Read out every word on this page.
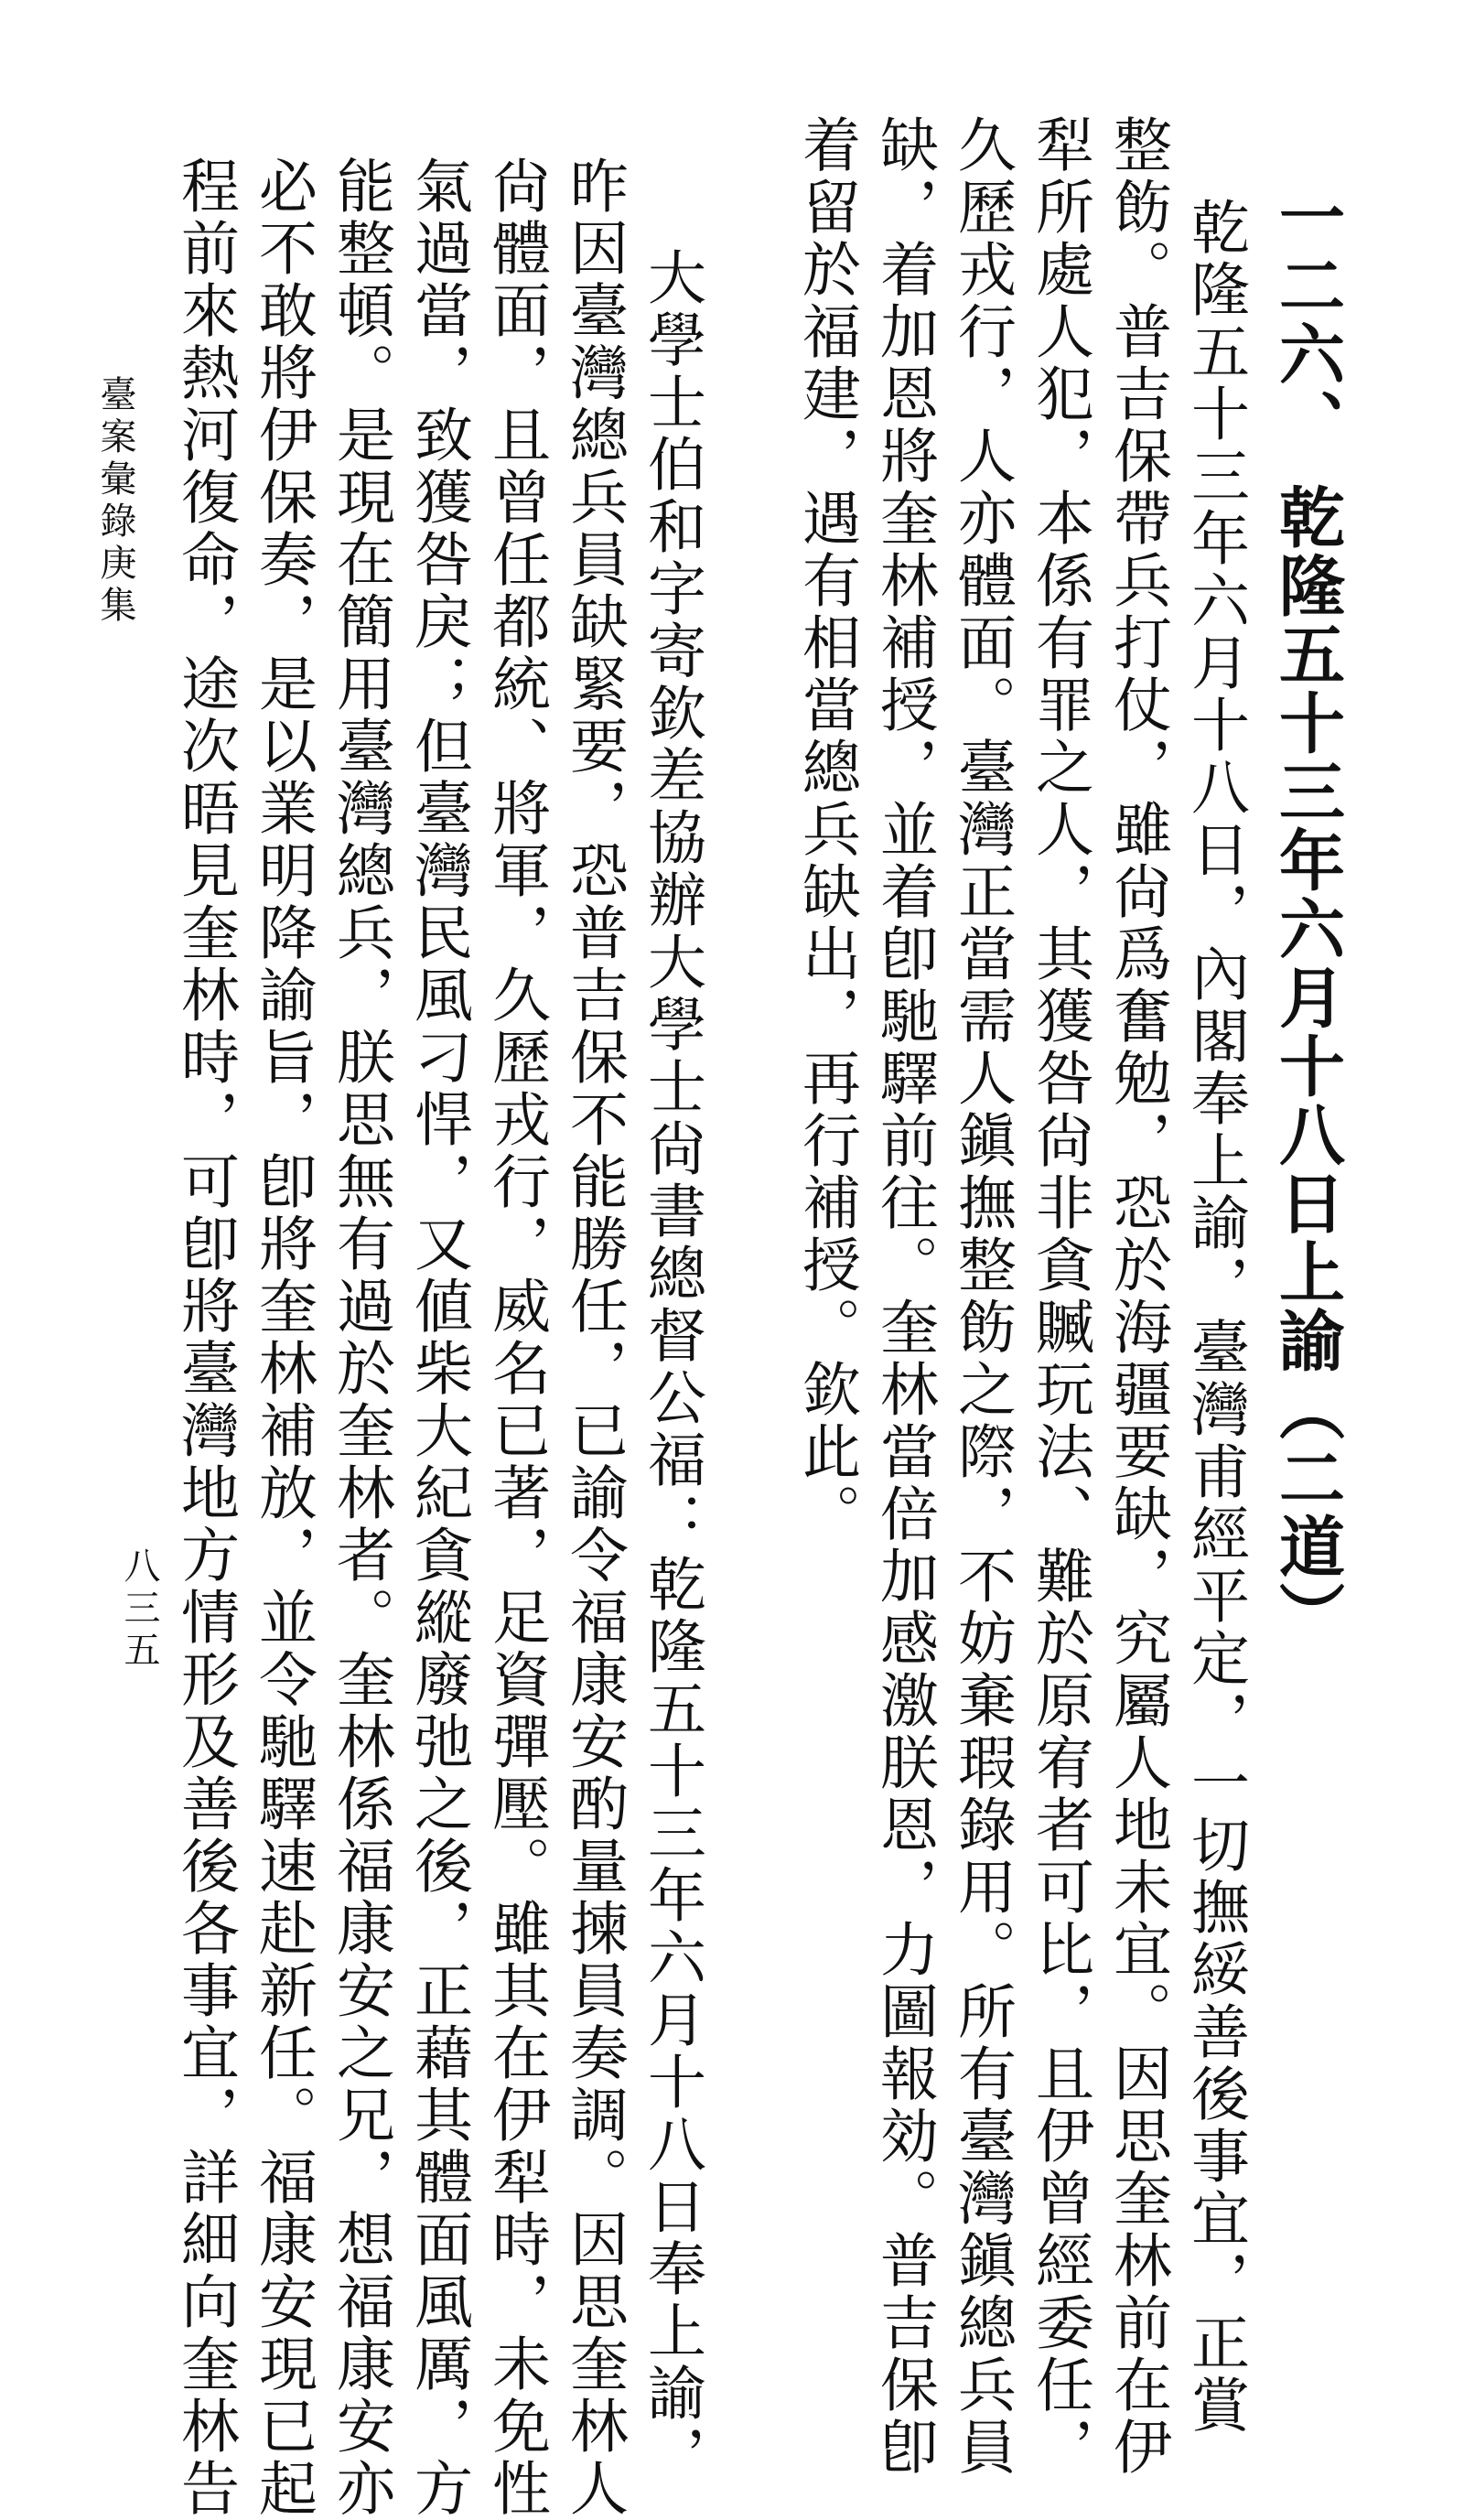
一二六、 乾隆五十三年六月十八日上諭（二道）
乾隆五十三年六月十八日，內閣奉上諭，臺灣甫經平定，一切撫綏善後事宜，正賞
整飭。普吉保帶兵打仗，雖尙爲奮勉，恐於海疆要缺，究屬人地未宜。因思奎林前在伊
犁所處人犯，本係有罪之人，其獲咎尙非貪贓玩法、難於原宥者可比，且伊曾經委任，
久歷戎行，人亦體面。臺灣正當需人鎭撫整飭之際，不妨棄瑕錄用。所有臺灣鎭總兵員
缺，着加恩將奎林補授，並着卽馳驛前往。奎林當倍加感激朕恩，力圖報効。普吉保卽
着留於福建，遇有相當總兵缺出，再行補授。欽此。
大學士伯和字寄欽差協辦大學士尙書總督公福：乾隆五十三年六月十八日奉上諭，
昨因臺灣總兵員缺緊要，恐普吉保不能勝任，已諭令福康安酌量揀員奏調。因思奎林人
尙體面，且曾任都統、將軍，久歷戎行，威名已著，足資彈壓。雖其在伊犁時，未免性
氣過當，致獲咎戾；但臺灣民風刁悍，又値柴大紀貪縱廢弛之後，正藉其體面風厲，方
能整頓。是現在簡用臺灣總兵，朕思無有過於奎林者。奎林係福康安之兄，想福康安亦
必不敢將伊保奏，是以業明降諭旨，卽將奎林補放，並令馳驛速赴新任。福康安現已起
程前來熱河復命，途次晤見奎林時，可卽將臺灣地方情形及善後各事宜，詳細向奎林告
臺案彙錄庚集
八三五
